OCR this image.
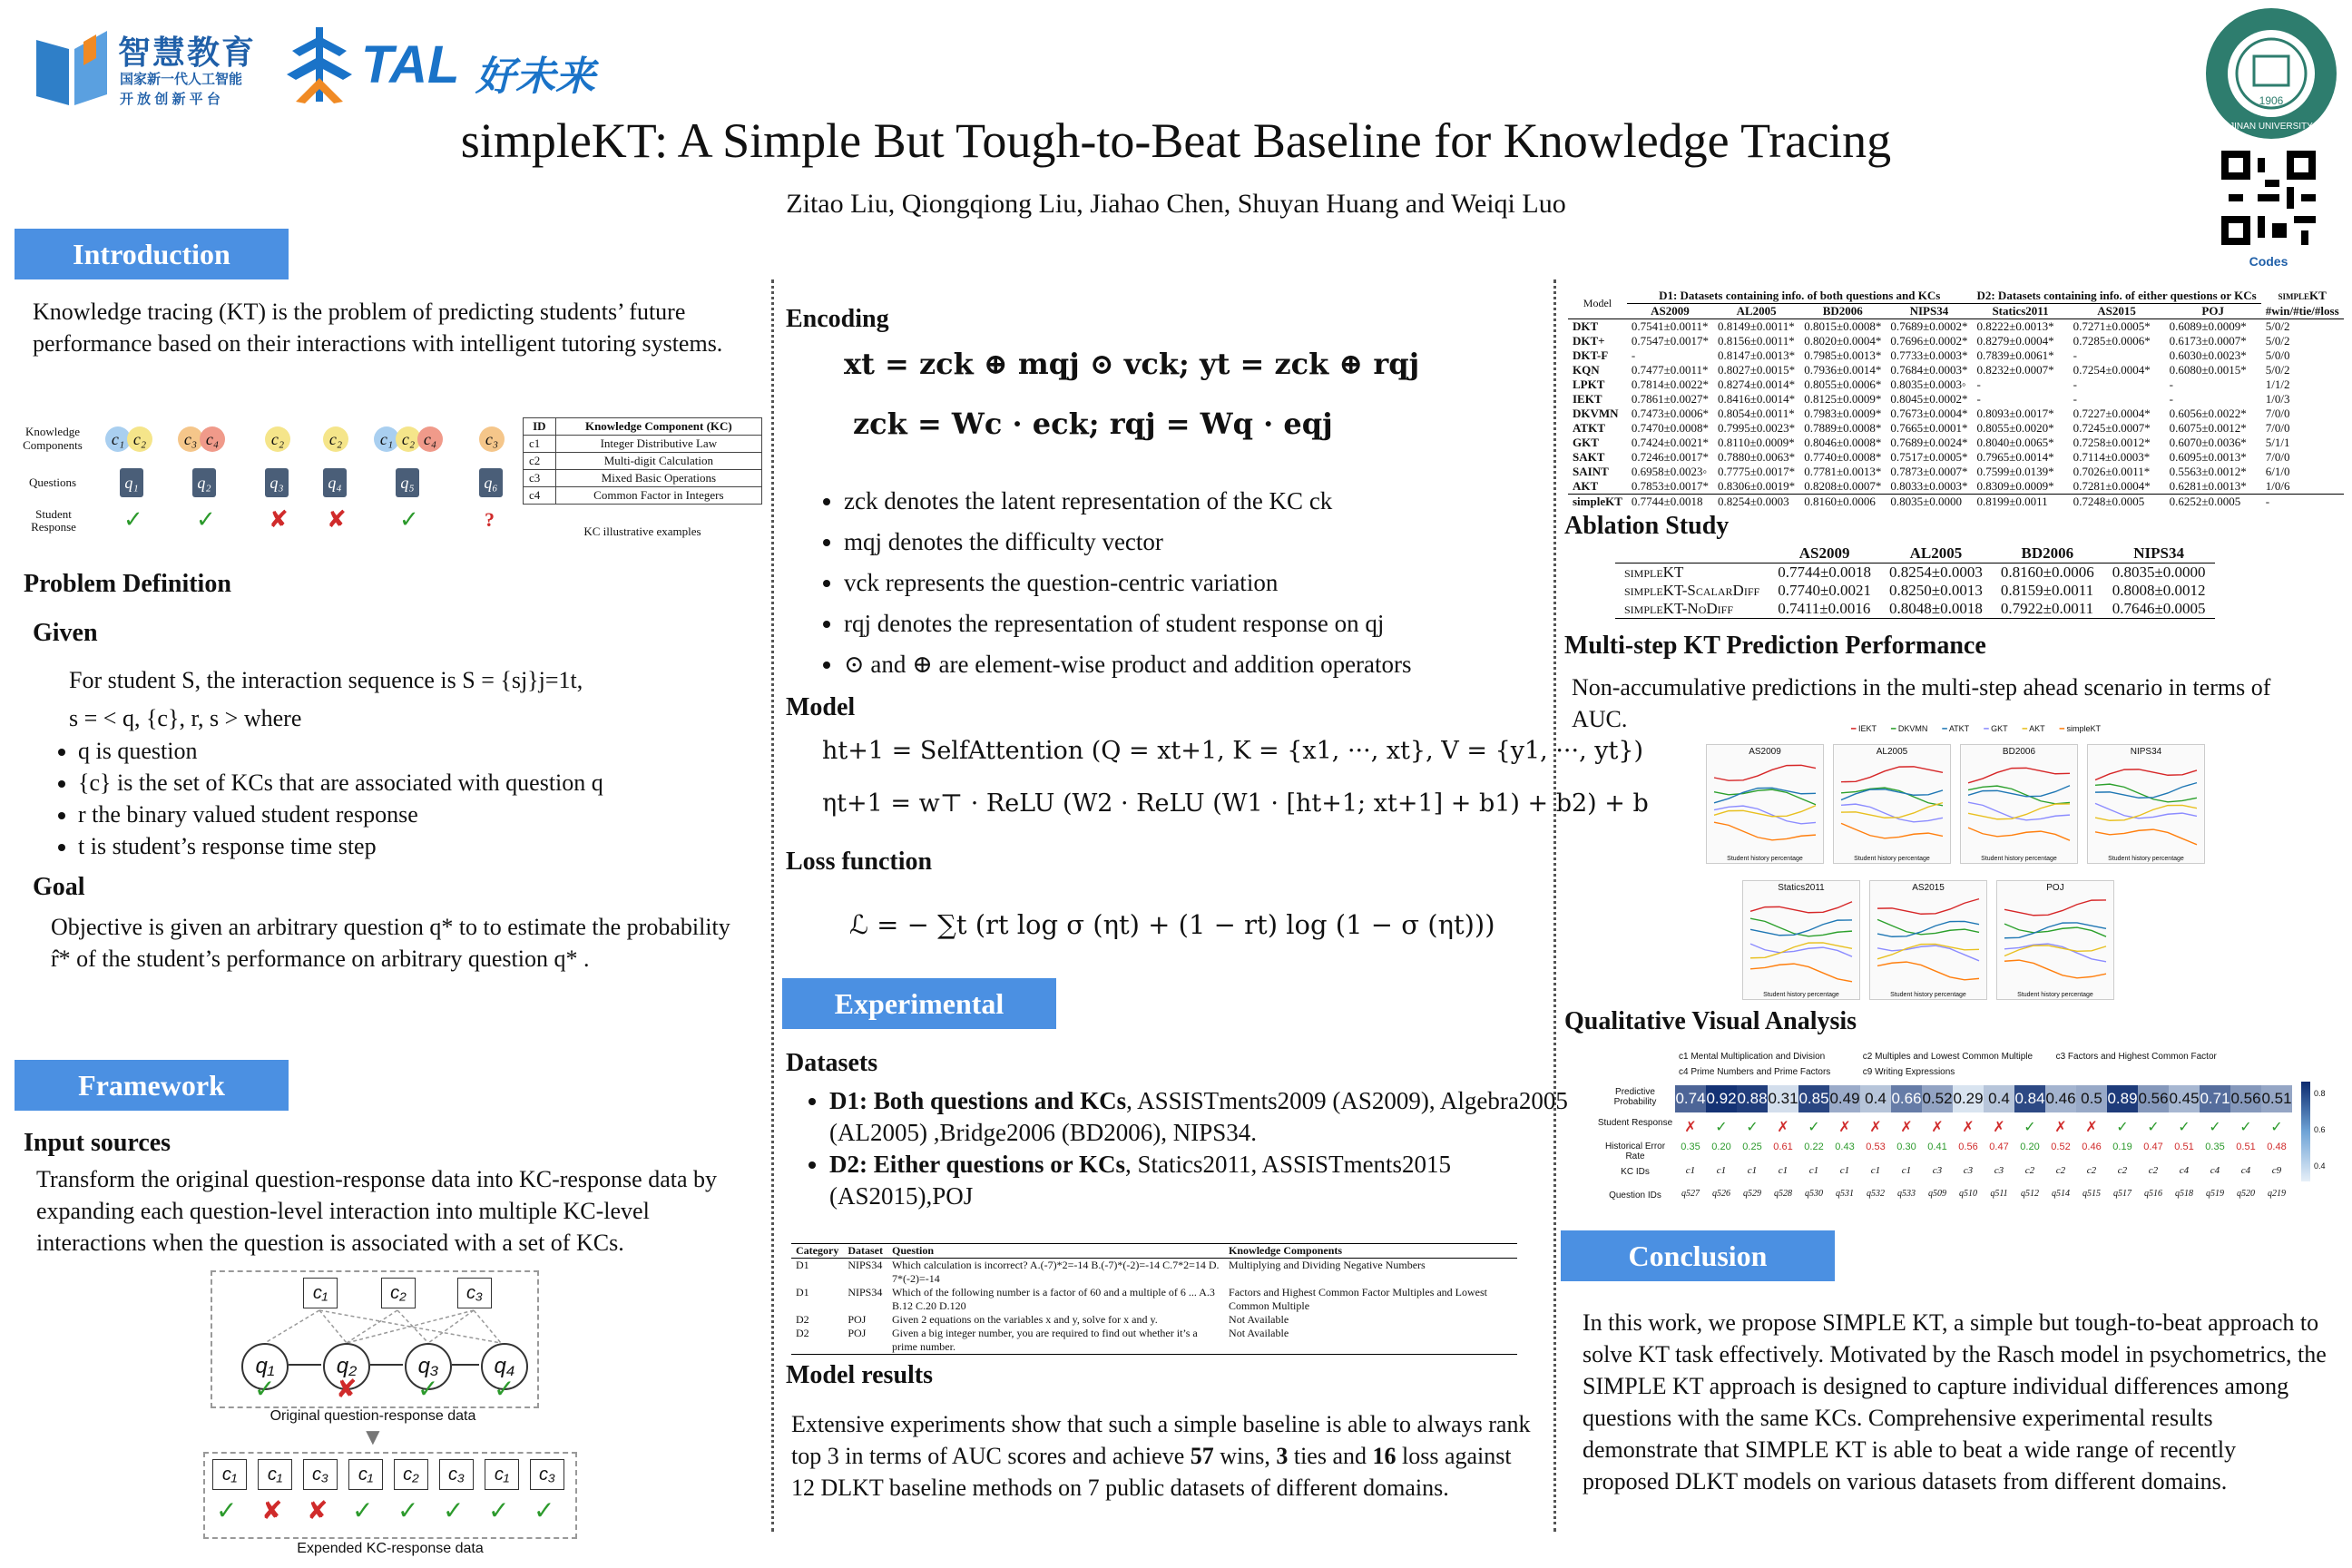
智慧教育
国家新一代人工智能
开 放 创 新 平 台
TAL 好未来
1906
JINAN UNIVERSITY
Codes
simpleKT: A Simple But Tough-to-Beat Baseline for Knowledge Tracing
Zitao Liu, Qiongqiong Liu, Jiahao Chen, Shuyan Huang and Weiqi Luo
Introduction
Knowledge tracing (KT) is the problem of predicting students’ future performance based on their interactions with intelligent tutoring systems.
Knowledge Components
Questions
Student Response
c₁ c₂	c₃ c₄	c₂	c₂	c₁ c₂ c₄	c₃
q₁	q₂	q₃	q₄	q₅	q₆
✓ ✓ ✘ ✘ ✓	?
ID	Knowledge Component (KC)
c1	Integer Distributive Law
c2	Multi-digit Calculation
c3	Mixed Basic Operations
c4	Common Factor in Integers
KC illustrative examples
Problem Definition
Given
For student S, the interaction sequence is S = {sj}j=1t,
s = < q, {c}, r, s > where
• q is question
• {c} is the set of KCs that are associated with question q
• r the binary valued student response
• t is student’s response time step
Goal
Objective is given an arbitrary question q* to to estimate the probability r̂* of the student’s performance on arbitrary question q* .
Framework
Input sources
Transform the original question-response data into KC-response data by expanding each question-level interaction into multiple KC-level interactions when the question is associated with a set of KCs.
c₁	c₂	c₃
q₁	q₂	q₃	q₄
✓ ✘ ✓ ✓
Original question-response data
▼
c₁	c₁	c₃	c₁	c₂	c₃	c₁	c₃
✓ ✘ ✘ ✓ ✓ ✓ ✓ ✓
Expended KC-response data
Encoding
xt = zck ⊕ mqj ⊙ vck; yt = zck ⊕ rqj
zck = Wc · eck; rqj = Wq · eqj
• zck denotes the latent representation of the KC ck
• mqj denotes the difficulty vector
• vck represents the question-centric variation
• rqj denotes the representation of student response on qj
• ⊙ and ⊕ are element-wise product and addition operators
Model
ht+1 = SelfAttention (Q = xt+1, K = {x1, ···, xt}, V = {y1, ···, yt})
ηt+1 = w⊤ · ReLU (W2 · ReLU (W1 · [ht+1; xt+1] + b1) + b2) + b
Loss function
ℒ = − ∑t (rt log σ (ηt) + (1 − rt) log (1 − σ (ηt)))
Experimental
Datasets
• D1: Both questions and KCs, ASSISTments2009 (AS2009), Algebra2005 (AL2005) ,Bridge2006 (BD2006), NIPS34.
• D2: Either questions or KCs, Statics2011, ASSISTments2015 (AS2015),POJ
Category	Dataset	Question	Knowledge Components
D1	NIPS34	Which calculation is incorrect? A.(-7)*2=-14 B.(-7)*(-2)=-14 C.7*2=14 D. 7*(-2)=-14	Multiplying and Dividing Negative Numbers
D1	NIPS34	Which of the following number is a factor of 60 and a multiple of 6 ... A.3 B.12 C.20 D.120	Factors and Highest Common Factor Multiples and Lowest Common Multiple
D2	POJ	Given 2 equations on the variables x and y, solve for x and y.	Not Available
D2	POJ	Given a big integer number, you are required to find out whether it’s a prime number.	Not Available
Model results
Extensive experiments show that such a simple baseline is able to always rank top 3 in terms of AUC scores and achieve 57 wins, 3 ties and 16 loss against 12 DLKT baseline methods on 7 public datasets of different domains.
Model	D1: Datasets containing info. of both questions and KCs				D2: Datasets containing info. of either questions or KCs			simpleKT
	AS2009	AL2005	BD2006	NIPS34	Statics2011	AS2015	POJ	#win/#tie/#loss
DKT	0.7541±0.0011*	0.8149±0.0011*	0.8015±0.0008*	0.7689±0.0002*	0.8222±0.0013*	0.7271±0.0005*	0.6089±0.0009*	5/0/2
DKT+	0.7547±0.0017*	0.8156±0.0011*	0.8020±0.0004*	0.7696±0.0002*	0.8279±0.0004*	0.7285±0.0006*	0.6173±0.0007*	5/0/2
DKT-F	-	0.8147±0.0013*	0.7985±0.0013*	0.7733±0.0003*	0.7839±0.0061*	-	0.6030±0.0023*	5/0/0
KQN	0.7477±0.0011*	0.8027±0.0015*	0.7936±0.0014*	0.7684±0.0003*	0.8232±0.0007*	0.7254±0.0004*	0.6080±0.0015*	5/0/2
LPKT	0.7814±0.0022*	0.8274±0.0014*	0.8055±0.0006*	0.8035±0.0003◦	-	-	-	1/1/2
IEKT	0.7861±0.0027*	0.8416±0.0014*	0.8125±0.0009*	0.8045±0.0002*	-	-	-	1/0/3
DKVMN	0.7473±0.0006*	0.8054±0.0011*	0.7983±0.0009*	0.7673±0.0004*	0.8093±0.0017*	0.7227±0.0004*	0.6056±0.0022*	7/0/0
ATKT	0.7470±0.0008*	0.7995±0.0023*	0.7889±0.0008*	0.7665±0.0001*	0.8055±0.0020*	0.7245±0.0007*	0.6075±0.0012*	7/0/0
GKT	0.7424±0.0021*	0.8110±0.0009*	0.8046±0.0008*	0.7689±0.0024*	0.8040±0.0065*	0.7258±0.0012*	0.6070±0.0036*	5/1/1
SAKT	0.7246±0.0017*	0.7880±0.0063*	0.7740±0.0008*	0.7517±0.0005*	0.7965±0.0014*	0.7114±0.0003*	0.6095±0.0013*	7/0/0
SAINT	0.6958±0.0023◦	0.7775±0.0017*	0.7781±0.0013*	0.7873±0.0007*	0.7599±0.0139*	0.7026±0.0011*	0.5563±0.0012*	6/1/0
AKT	0.7853±0.0017*	0.8306±0.0019*	0.8208±0.0007*	0.8033±0.0003*	0.8309±0.0009*	0.7281±0.0004*	0.6281±0.0013*	1/0/6
simpleKT	0.7744±0.0018	0.8254±0.0003	0.8160±0.0006	0.8035±0.0000	0.8199±0.0011	0.7248±0.0005	0.6252±0.0005	-
Ablation Study
	AS2009	AL2005	BD2006	NIPS34
simpleKT	0.7744±0.0018	0.8254±0.0003	0.8160±0.0006	0.8035±0.0000
simpleKT-ScalarDiff	0.7740±0.0021	0.8250±0.0013	0.8159±0.0011	0.8008±0.0012
simpleKT-NoDiff	0.7411±0.0016	0.8048±0.0018	0.7922±0.0011	0.7646±0.0005
Multi-step KT Prediction Performance
Non-accumulative predictions in the multi-step ahead scenario in terms of AUC.	━ IEKT ━ DKVMN ━ ATKT ━ GKT ━ AKT ━ simpleKT
AS2009
Student history percentage
AL2005
Student history percentage
BD2006
Student history percentage
NIPS34
Student history percentage
Statics2011
Student history percentage
AS2015
Student history percentage
POJ
Student history percentage
Qualitative Visual Analysis
c1 Mental Multiplication and Division	c2 Multiples and Lowest Common Multiple	c3 Factors and Highest Common Factor
c4 Prime Numbers and Prime Factors	c9 Writing Expressions
Predictive Probability
Student Response
Historical Error Rate
KC IDs
Question IDs
0.74 0.92 0.88 0.31 0.85 0.49 0.4 0.66 0.52 0.29 0.4 0.84 0.46 0.5 0.89 0.56 0.45 0.71 0.56 0.51
✗	✓	✓	✗	✓	✗	✗	✗	✗	✗	✗	✓	✗	✗	✓	✓	✓	✓	✓	✓
0.35	0.20	0.25	0.61	0.22	0.43	0.53	0.30	0.41	0.56	0.47	0.20	0.52	0.46	0.19	0.47	0.51	0.35	0.51	0.48
c1	c1	c1	c1	c1	c1	c1	c1	c3	c3	c3	c2	c2	c2	c2	c2	c4	c4	c4	c9
q527	q526	q529	q528	q530	q531	q532	q533	q509	q510	q511	q512	q514	q515	q517	q516	q518	q519	q520	q219
0.8
0.6
0.4
Conclusion
In this work, we propose SIMPLE KT, a simple but tough-to-beat approach to solve KT task effectively. Motivated by the Rasch model in psychometrics, the SIMPLE KT approach is designed to capture individual differences among questions with the same KCs. Comprehensive experimental results demonstrate that SIMPLE KT is able to beat a wide range of recently proposed DLKT models on various datasets from different domains.
